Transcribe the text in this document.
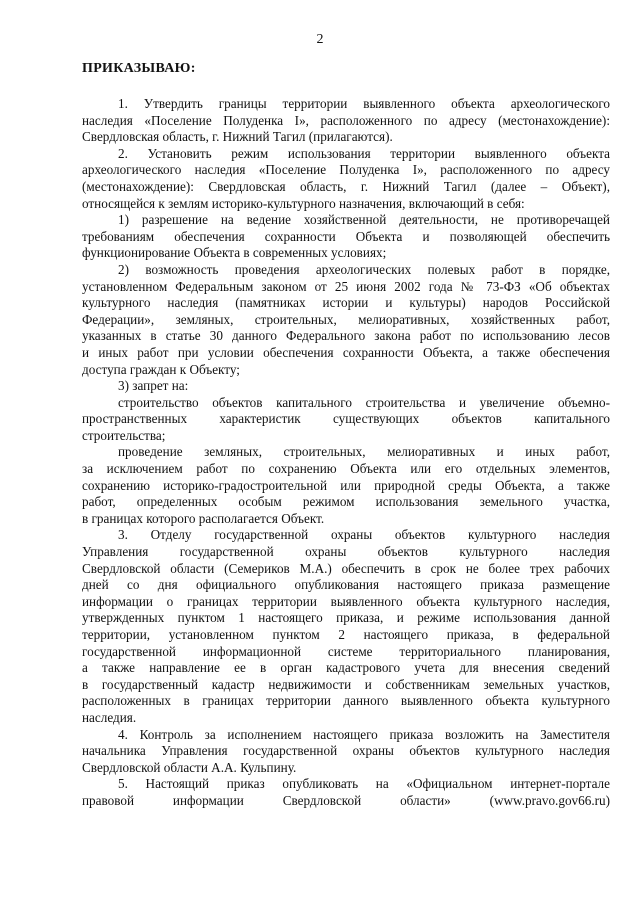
2
ПРИКАЗЫВАЮ:

1. Утвердить границы территории выявленного объекта археологического

наследия «Поселение Полуденка I», расположенного по адресу (местонахождение):

Свердловская область, г. Нижний Тагил (прилагаются).

2. Установить режим использования территории выявленного объекта

археологического наследия «Поселение Полуденка I», расположенного по адресу

(местонахождение): Свердловская область, г. Нижний Тагил (далее – Объект),

относящейся к землям историко-культурного назначения, включающий в себя:

1) разрешение на ведение хозяйственной деятельности, не противоречащей

требованиям обеспечения сохранности Объекта и позволяющей обеспечить

функционирование Объекта в современных условиях;

2) возможность проведения археологических полевых работ в порядке,

установленном Федеральным законом от 25 июня 2002 года № 73-ФЗ «Об объектах

культурного наследия (памятниках истории и культуры) народов Российской

Федерации», земляных, строительных, мелиоративных, хозяйственных работ,

указанных в статье 30 данного Федерального закона работ по использованию лесов

и иных работ при условии обеспечения сохранности Объекта, а также обеспечения

доступа граждан к Объекту;

3) запрет на:

строительство объектов капитального строительства и увеличение объемно-

пространственных характеристик существующих объектов капитального

строительства;

проведение земляных, строительных, мелиоративных и иных работ,

за исключением работ по сохранению Объекта или его отдельных элементов,

сохранению историко-градостроительной или природной среды Объекта, а также

работ, определенных особым режимом использования земельного участка,

в границах которого располагается Объект.

3. Отделу государственной охраны объектов культурного наследия

Управления государственной охраны объектов культурного наследия

Свердловской области (Семериков М.А.) обеспечить в срок не более трех рабочих

дней со дня официального опубликования настоящего приказа размещение

информации о границах территории выявленного объекта культурного наследия,

утвержденных пунктом 1 настоящего приказа, и режиме использования данной

территории, установленном пунктом 2 настоящего приказа, в федеральной

государственной информационной системе территориального планирования,

а также направление ее в орган кадастрового учета для внесения сведений

в государственный кадастр недвижимости и собственникам земельных участков,

расположенных в границах территории данного выявленного объекта культурного

наследия.

4. Контроль за исполнением настоящего приказа возложить на Заместителя

начальника Управления государственной охраны объектов культурного наследия

Свердловской области А.А. Кульпину.

5. Настоящий приказ опубликовать на «Официальном интернет-портале

правовой информации Свердловской области» (www.pravo.gov66.ru)
